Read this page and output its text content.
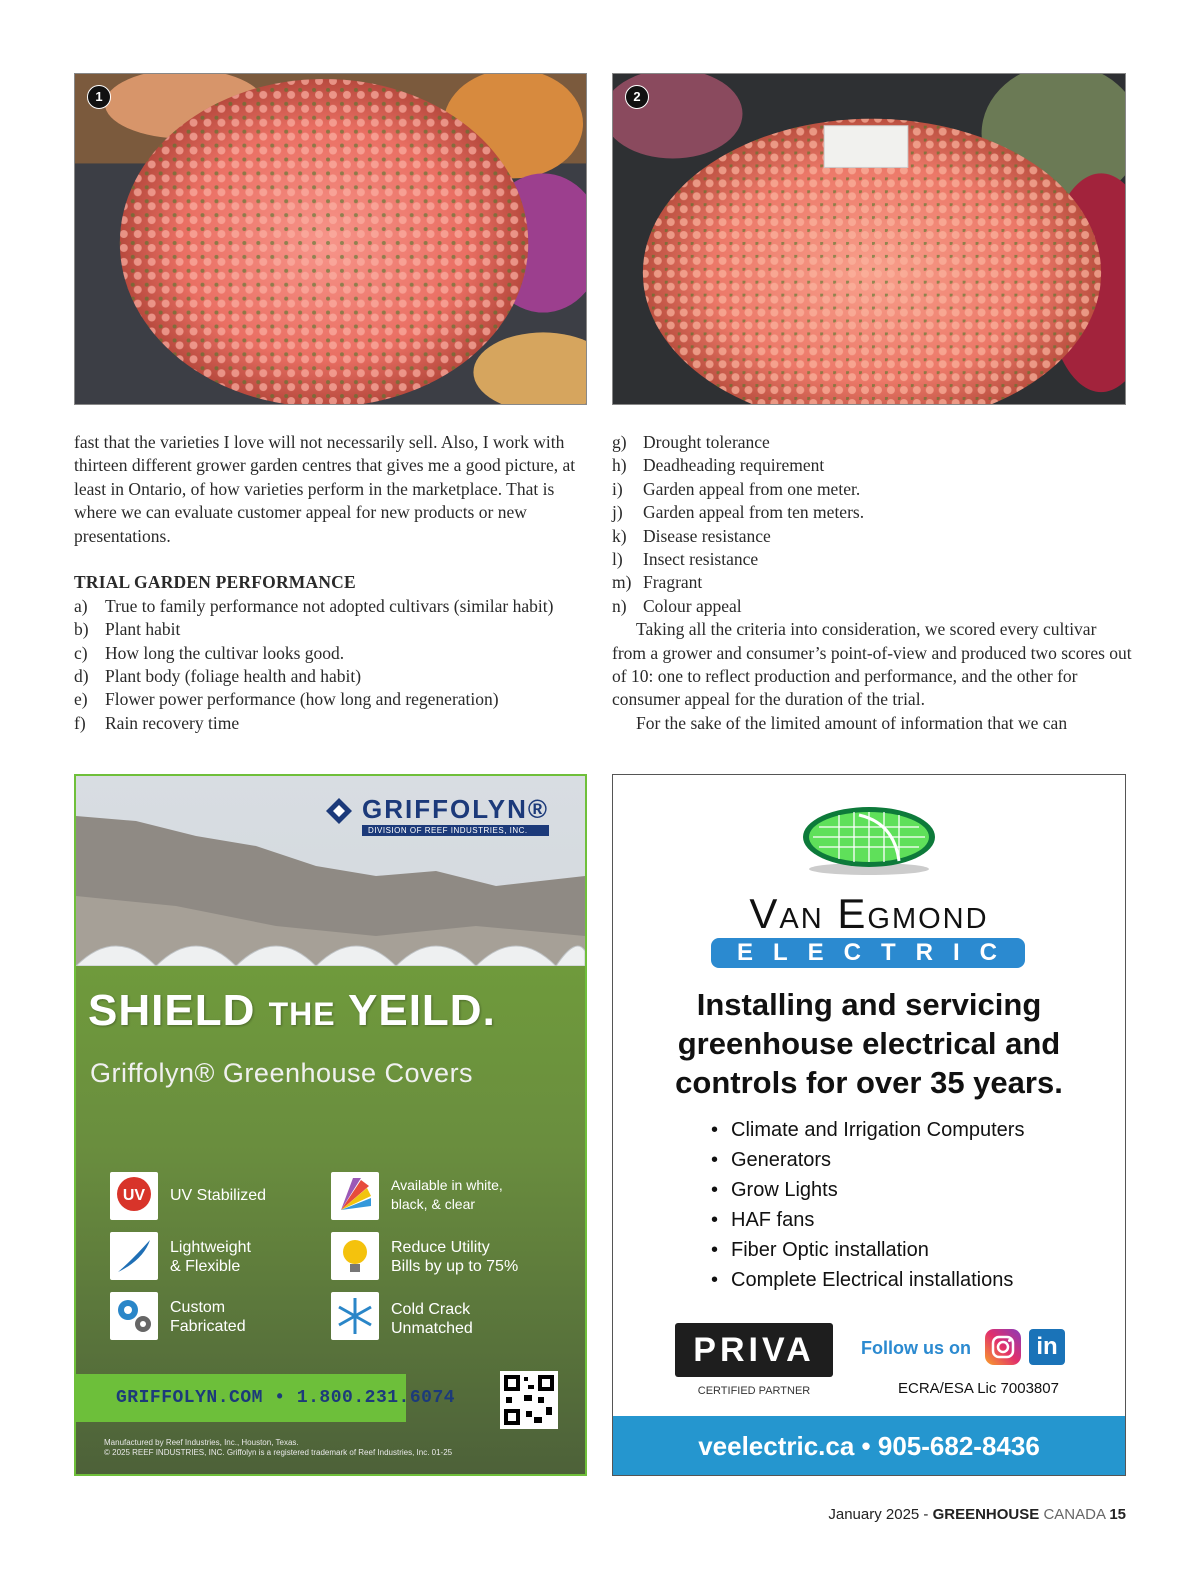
1	2

fast that the varieties I love will not necessarily sell. Also, I work with thirteen different grower garden centres that gives me a good picture, at least in Ontario, of how varieties perform in the marketplace. That is where we can evaluate customer appeal for new products or new presentations.

TRIAL GARDEN PERFORMANCE

a) True to family performance not adopted cultivars (similar habit)
b) Plant habit
c) How long the cultivar looks good.
d) Plant body (foliage health and habit)
e) Flower power performance (how long and regeneration)
f)	Rain recovery time
g) Drought tolerance
h) Deadheading requirement
i)	Garden appeal from one meter.
j)	Garden appeal from ten meters.
k) Disease resistance
l)	Insect resistance
m) Fragrant
n) Colour appeal

Taking all the criteria into consideration, we scored every cultivar from a grower and consumer’s point-of-view and produced two scores out of 10: one to reflect production and performance, and the other for consumer appeal for the duration of the trial.

For the sake of the limited amount of information that we can

GRIFFOLYN®
DIVISION OF REEF INDUSTRIES, INC.
SHIELD THE YEILD.
Griffolyn® Greenhouse Covers
UV UV Stabilized
Available in white,
black, & clear
Lightweight
& Flexible
Reduce Utility
Bills by up to 75%
Custom
Fabricated
Cold Crack
Unmatched
GRIFFOLYN.COM • 1.800.231.6074
Manufactured by Reef Industries, Inc., Houston, Texas.
© 2025 REEF INDUSTRIES, INC. Griffolyn is a registered trademark of Reef Industries, Inc. 01-25
Van Egmond
ELECTRIC
Installing and servicing greenhouse electrical and controls for over 35 years.
• Climate and Irrigation Computers
• Generators
• Grow Lights
• HAF fans
• Fiber Optic installation
• Complete Electrical installations
PRIVA
CERTIFIED PARTNER
Follow us on	in
ECRA/ESA Lic 7003807
veelectric.ca • 905-682-8436
January 2025 - GREENHOUSE CANADA 15
